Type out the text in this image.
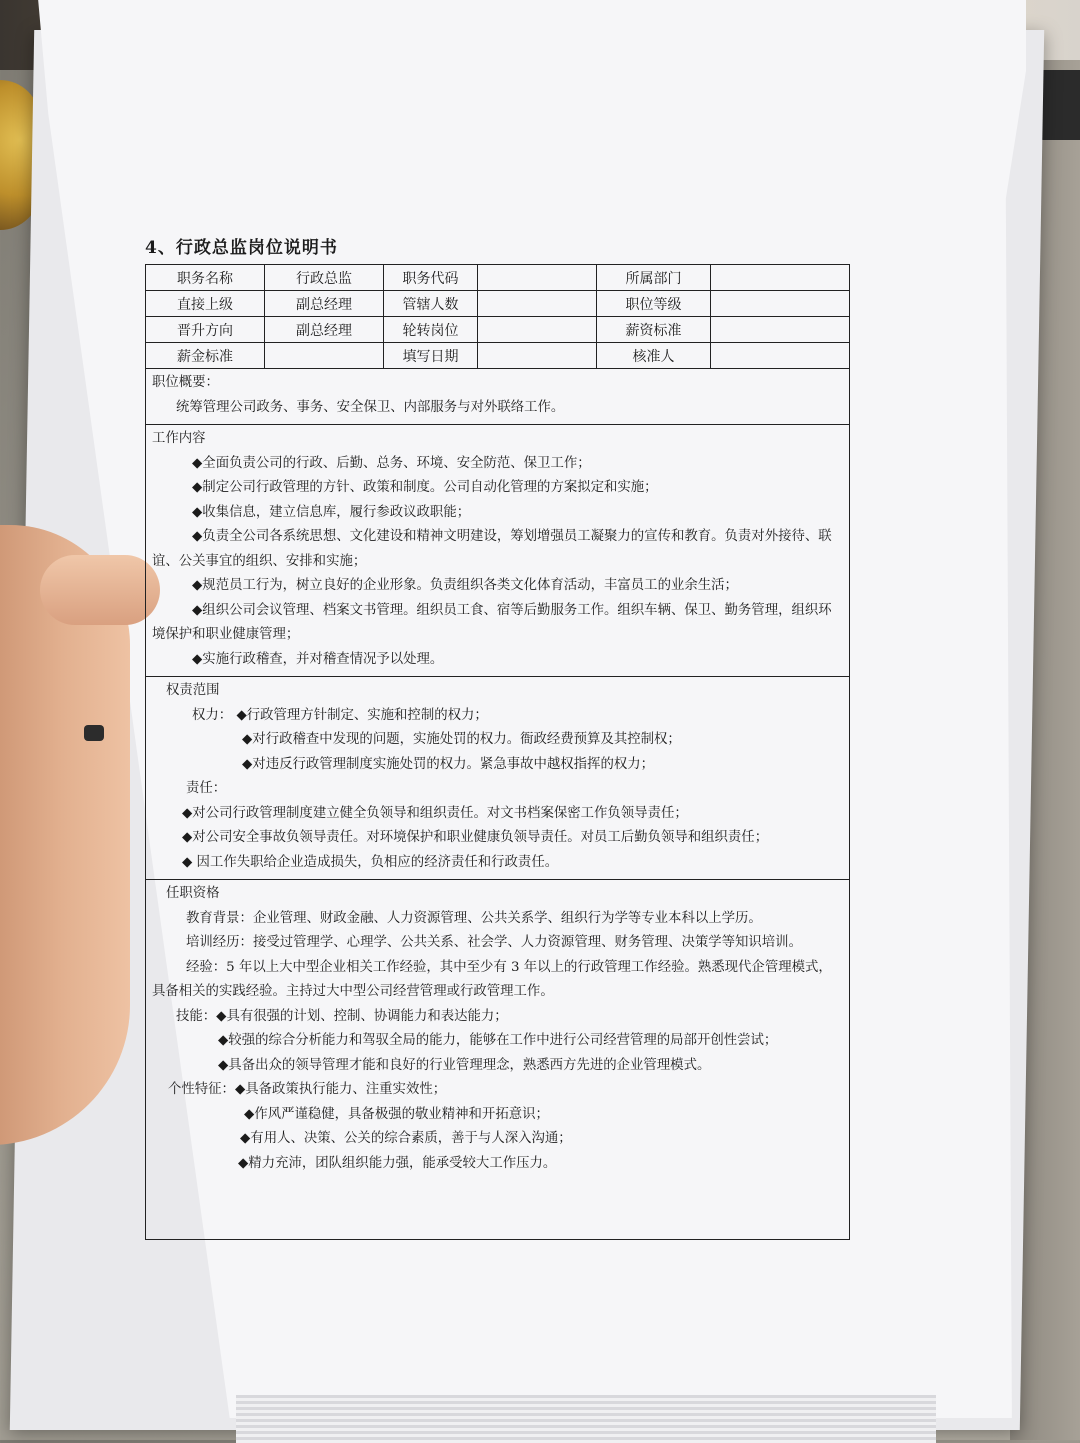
4、行政总监岗位说明书
职务名称	行政总监	职务代码		所属部门	
直接上级	副总经理	管辖人数		职位等级	
晋升方向	副总经理	轮转岗位		薪资标准	
薪金标准		填写日期		核准人	

职位概要：

统筹管理公司政务、事务、安全保卫、内部服务与对外联络工作。

工作内容

◆全面负责公司的行政、后勤、总务、环境、安全防范、保卫工作；

◆制定公司行政管理的方针、政策和制度。公司自动化管理的方案拟定和实施；

◆收集信息，建立信息库，履行参政议政职能；

◆负责全公司各系统思想、文化建设和精神文明建设，筹划增强员工凝聚力的宣传和教育。负责对外接待、联谊、公关事宜的组织、安排和实施；

◆规范员工行为，树立良好的企业形象。负责组织各类文化体育活动，丰富员工的业余生活；

◆组织公司会议管理、档案文书管理。组织员工食、宿等后勤服务工作。组织车辆、保卫、勤务管理，组织环境保护和职业健康管理；

◆实施行政稽查，并对稽查情况予以处理。

权责范围

权力： ◆行政管理方针制定、实施和控制的权力；

◆对行政稽查中发现的问题，实施处罚的权力。衙政经费预算及其控制权；

◆对违反行政管理制度实施处罚的权力。紧急事故中越权指挥的权力；

责任：

◆对公司行政管理制度建立健全负领导和组织责任。对文书档案保密工作负领导责任；

◆对公司安全事故负领导责任。对环境保护和职业健康负领导责任。对员工后勤负领导和组织责任；

◆ 因工作失职给企业造成损失，负相应的经济责任和行政责任。

任职资格

教育背景：企业管理、财政金融、人力资源管理、公共关系学、组织行为学等专业本科以上学历。

培训经历：接受过管理学、心理学、公共关系、社会学、人力资源管理、财务管理、决策学等知识培训。

经验：5 年以上大中型企业相关工作经验，其中至少有 3 年以上的行政管理工作经验。熟悉现代企管理模式，具备相关的实践经验。主持过大中型公司经营管理或行政管理工作。

技能：◆具有很强的计划、控制、协调能力和表达能力；

◆较强的综合分析能力和驾驭全局的能力，能够在工作中进行公司经营管理的局部开创性尝试；

◆具备出众的领导管理才能和良好的行业管理理念，熟悉西方先进的企业管理模式。

个性特征：◆具备政策执行能力、注重实效性；

◆作风严谨稳健，具备极强的敬业精神和开拓意识；

◆有用人、决策、公关的综合素质，善于与人深入沟通；

◆精力充沛，团队组织能力强，能承受较大工作压力。
